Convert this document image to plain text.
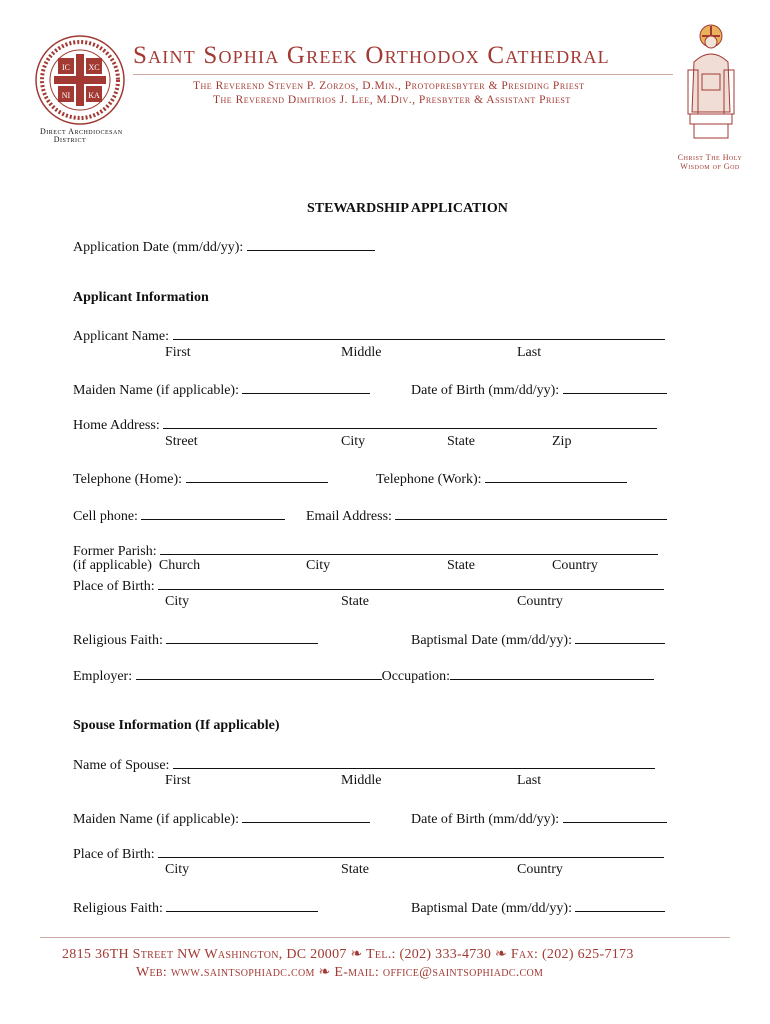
IC XC
NI KA
Direct Archdiocesan
District
Saint Sophia Greek Orthodox Cathedral
The Reverend Steven P. Zorzos, D.Min., Protopresbyter & Presiding Priest
The Reverend Dimitrios J. Lee, M.Div., Presbyter & Assistant Priest
Christ The Holy
Wisdom of God
STEWARDSHIP APPLICATION
Application Date (mm/dd/yy):
Applicant Information
Applicant Name:
First	Middle	Last
Maiden Name (if applicable):	Date of Birth (mm/dd/yy):
Home Address:
Street	City	State	Zip
Telephone (Home):	Telephone (Work):
Cell phone:	Email Address:
Former Parish:
(if applicable)  Church	City	State	Country
Place of Birth:
City	State	Country
Religious Faith:	Baptismal Date (mm/dd/yy):
Employer:	Occupation:
Spouse Information (If applicable)
Name of Spouse:
First	Middle	Last
Maiden Name (if applicable):	Date of Birth (mm/dd/yy):
Place of Birth:
City	State	Country
Religious Faith:	Baptismal Date (mm/dd/yy):
2815 36TH Street NW Washington, DC 20007 ❧ Tel.: (202) 333-4730 ❧ Fax: (202) 625-7173
Web: www.saintsophiadc.com ❧ E-mail: office@saintsophiadc.com
